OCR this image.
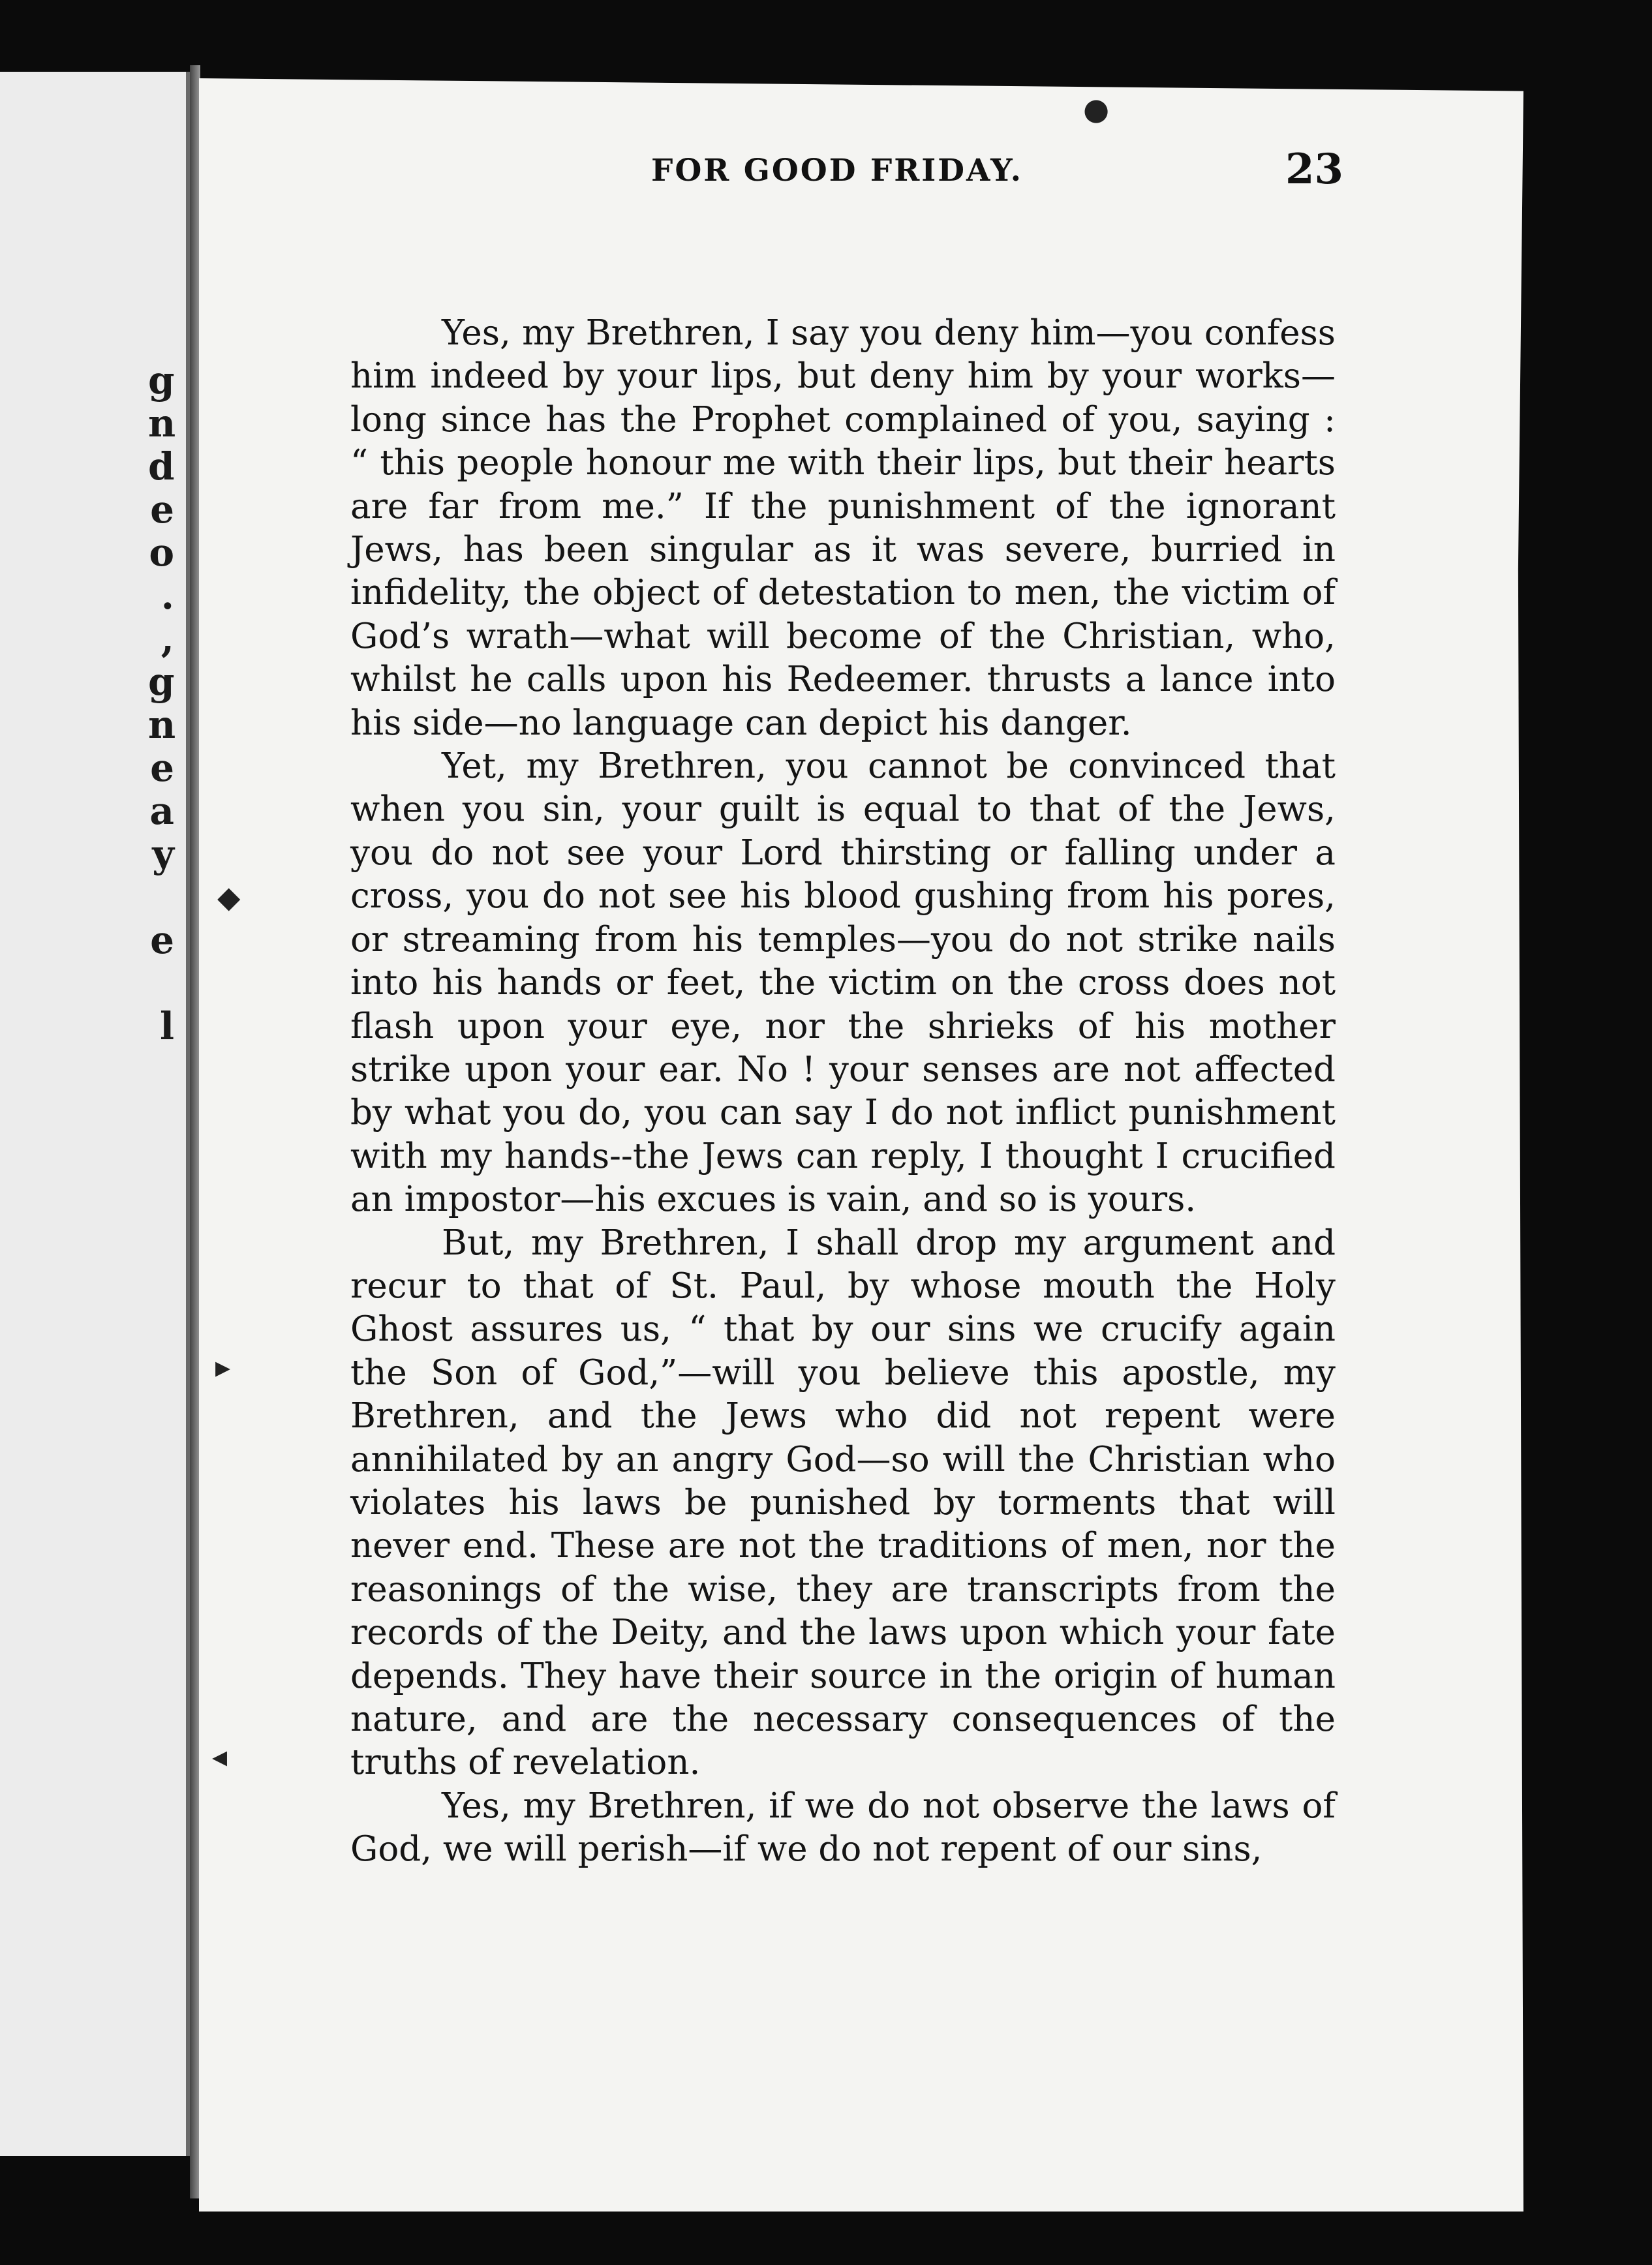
g
n
d
e
o
.
,
g
n
e
a
y

e

l
FOR GOOD FRIDAY.	23

Yes, my Brethren, I say you deny him—you confess him indeed by your lips, but deny him by your works—long since has the Prophet complained of you, saying : “ this people honour me with their lips, but their hearts are far from me.” If the punishment of the ignorant Jews, has been singular as it was severe, burried in infidelity, the object of detestation to men, the victim of God’s wrath—what will become of the Christian, who, whilst he calls upon his Redeemer. thrusts a lance into his side—no language can depict his danger.

Yet, my Brethren, you cannot be convinced that when you sin, your guilt is equal to that of the Jews, you do not see your Lord thirsting or falling under a cross, you do not see his blood gushing from his pores, or streaming from his temples—you do not strike nails into his hands or feet, the victim on the cross does not flash upon your eye, nor the shrieks of his mother strike upon your ear. No ! your senses are not affected by what you do, you can say I do not inflict punishment with my hands--the Jews can reply, I thought I crucified an impostor—his excues is vain, and so is yours.

But, my Brethren, I shall drop my argument and recur to that of St. Paul, by whose mouth the Holy Ghost assures us, “ that by our sins we crucify again the Son of God,”—will you believe this apostle, my Brethren, and the Jews who did not repent were annihilated by an angry God—so will the Christian who violates his laws be punished by torments that will never end. These are not the traditions of men, nor the reasonings of the wise, they are transcripts from the records of the Deity, and the laws upon which your fate depends. They have their source in the origin of human nature, and are the necessary consequences of the truths of revelation.

Yes, my Brethren, if we do not observe the laws of God, we will perish—if we do not repent of our sins,

◆
▸
◂
●
